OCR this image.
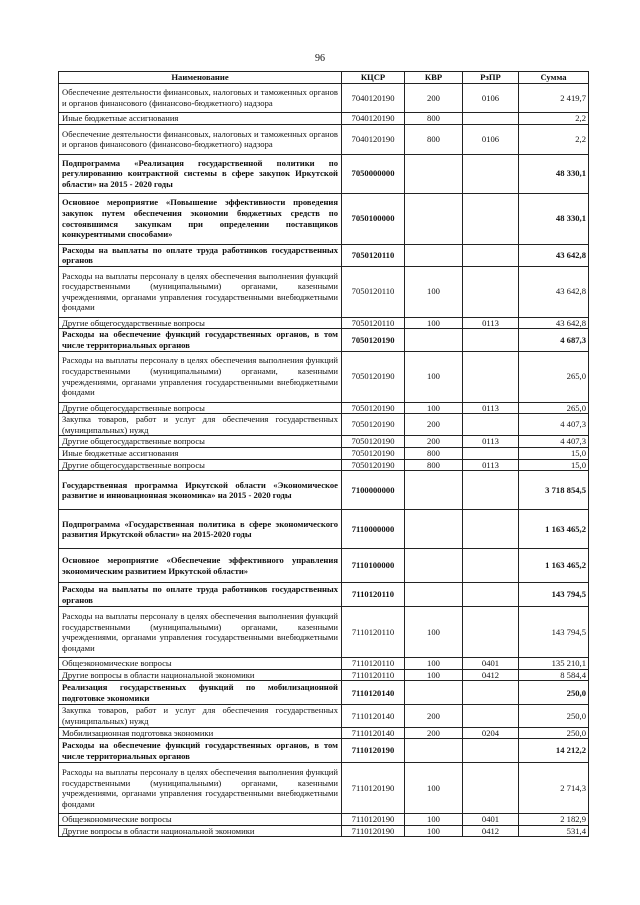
96
Наименование	КЦСР	КВР	РзПР	Сумма
Обеспечение деятельности финансовых, налоговых и таможенных органов и органов финансового (финансово-бюджетного) надзора	7040120190	200	0106	2 419,7
Иные бюджетные ассигнования	7040120190	800		2,2
Обеспечение деятельности финансовых, налоговых и таможенных органов и органов финансового (финансово-бюджетного) надзора	7040120190	800	0106	2,2
Подпрограмма «Реализация государственной политики по регулированию контрактной системы в сфере закупок Иркутской области» на 2015 - 2020 годы	7050000000			48 330,1
Основное мероприятие «Повышение эффективности проведения закупок путем обеспечения экономии бюджетных средств по состоявшимся закупкам при определении поставщиков конкурентными способами»	7050100000			48 330,1
Расходы на выплаты по оплате труда работников государственных органов	7050120110			43 642,8
Расходы на выплаты персоналу в целях обеспечения выполнения функций государственными (муниципальными) органами, казенными учреждениями, органами управления государственными внебюджетными фондами	7050120110	100		43 642,8
Другие общегосударственные вопросы	7050120110	100	0113	43 642,8
Расходы на обеспечение функций государственных органов, в том числе территориальных органов	7050120190			4 687,3
Расходы на выплаты персоналу в целях обеспечения выполнения функций государственными (муниципальными) органами, казенными учреждениями, органами управления государственными внебюджетными фондами	7050120190	100		265,0
Другие общегосударственные вопросы	7050120190	100	0113	265,0
Закупка товаров, работ и услуг для обеспечения государственных (муниципальных) нужд	7050120190	200		4 407,3
Другие общегосударственные вопросы	7050120190	200	0113	4 407,3
Иные бюджетные ассигнования	7050120190	800		15,0
Другие общегосударственные вопросы	7050120190	800	0113	15,0
Государственная программа Иркутской области «Экономическое развитие и инновационная экономика» на 2015 - 2020 годы	7100000000			3 718 854,5
Подпрограмма «Государственная политика в сфере экономического развития Иркутской области» на 2015-2020 годы	7110000000			1 163 465,2
Основное мероприятие «Обеспечение эффективного управления экономическим развитием Иркутской области»	7110100000			1 163 465,2
Расходы на выплаты по оплате труда работников государственных органов	7110120110			143 794,5
Расходы на выплаты персоналу в целях обеспечения выполнения функций государственными (муниципальными) органами, казенными учреждениями, органами управления государственными внебюджетными фондами	7110120110	100		143 794,5
Общеэкономические вопросы	7110120110	100	0401	135 210,1
Другие вопросы в области национальной экономики	7110120110	100	0412	8 584,4
Реализация государственных функций по мобилизационной подготовке экономики	7110120140			250,0
Закупка товаров, работ и услуг для обеспечения государственных (муниципальных) нужд	7110120140	200		250,0
Мобилизационная подготовка экономики	7110120140	200	0204	250,0
Расходы на обеспечение функций государственных органов, в том числе территориальных органов	7110120190			14 212,2
Расходы на выплаты персоналу в целях обеспечения выполнения функций государственными (муниципальными) органами, казенными учреждениями, органами управления государственными внебюджетными фондами	7110120190	100		2 714,3
Общеэкономические вопросы	7110120190	100	0401	2 182,9
Другие вопросы в области национальной экономики	7110120190	100	0412	531,4
